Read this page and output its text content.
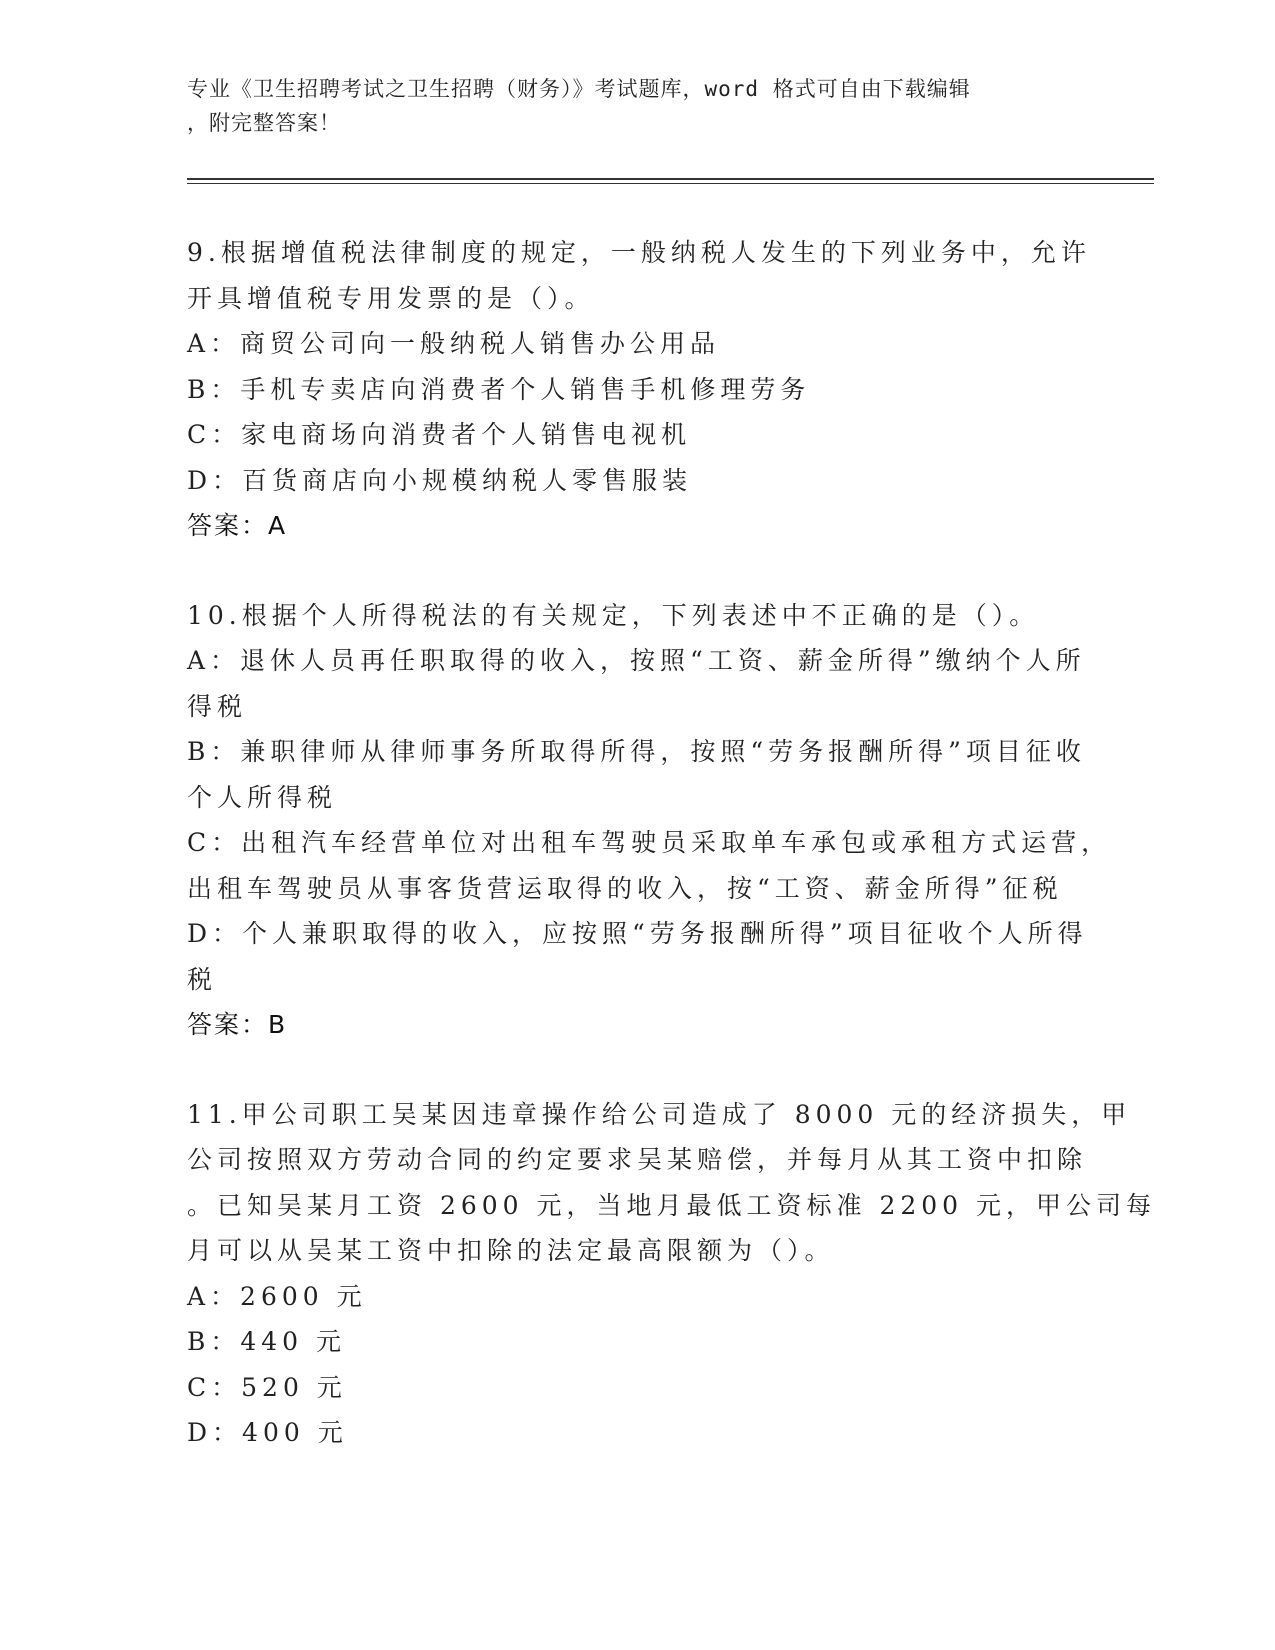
专业《卫生招聘考试之卫生招聘（财务）》考试题库，word 格式可自由下载编辑
，附完整答案！
9.根据增值税法律制度的规定，一般纳税人发生的下列业务中，允许
开具增值税专用发票的是（）。
A：商贸公司向一般纳税人销售办公用品
B：手机专卖店向消费者个人销售手机修理劳务
C：家电商场向消费者个人销售电视机
D：百货商店向小规模纳税人零售服装
答案：A
10.根据个人所得税法的有关规定，下列表述中不正确的是（）。
A：退休人员再任职取得的收入，按照“工资、薪金所得”缴纳个人所
得税
B：兼职律师从律师事务所取得所得，按照“劳务报酬所得”项目征收
个人所得税
C：出租汽车经营单位对出租车驾驶员采取单车承包或承租方式运营，
出租车驾驶员从事客货营运取得的收入，按“工资、薪金所得”征税
D：个人兼职取得的收入，应按照“劳务报酬所得”项目征收个人所得
税
答案：B
11.甲公司职工吴某因违章操作给公司造成了 8000 元的经济损失，甲
公司按照双方劳动合同的约定要求吴某赔偿，并每月从其工资中扣除
。已知吴某月工资 2600 元，当地月最低工资标准 2200 元，甲公司每
月可以从吴某工资中扣除的法定最高限额为（）。
A：2600 元
B：440 元
C：520 元
D：400 元
